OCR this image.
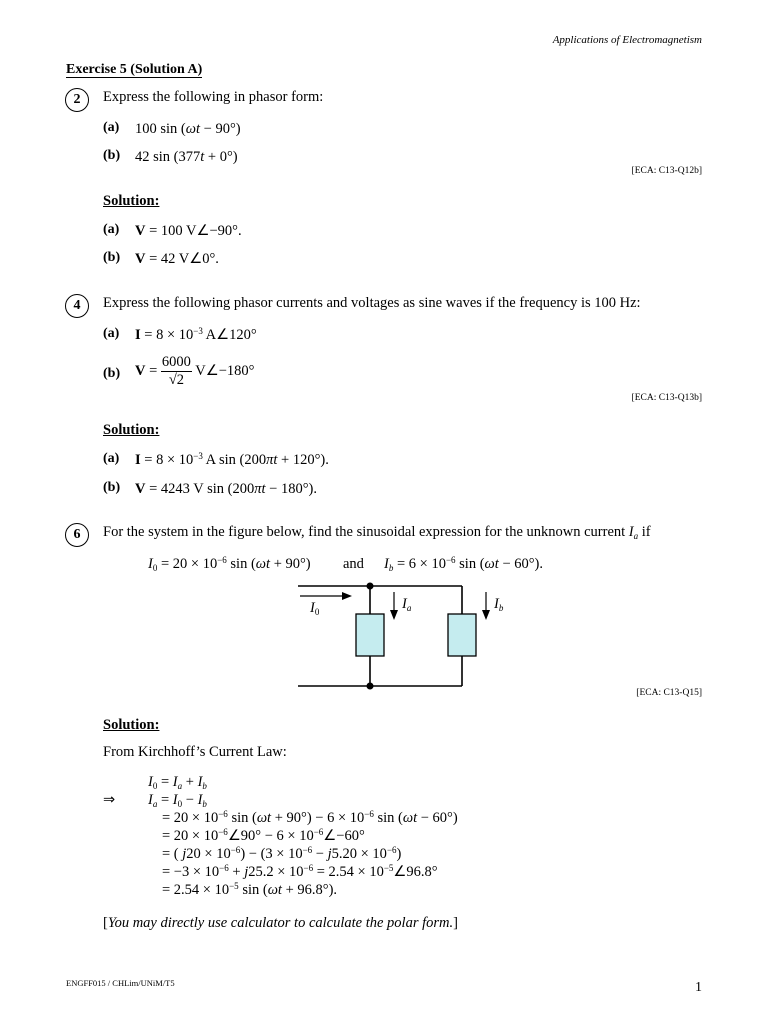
Applications of Electromagnetism
Exercise 5 (Solution A)
2	Express the following in phasor form:
(a) 100 sin (ωt − 90°)
(b) 42 sin (377t + 0°)
[ECA: C13-Q12b]
Solution:
(a) V = 100 V∠−90°.
(b) V = 42 V∠0°.
4	Express the following phasor currents and voltages as sine waves if the frequency is 100 Hz:
(a) $I = 8 \times 10^{-3}$ A∠120°
(b) $V = \frac{6000}{√2}$ V∠−180°
[ECA: C13-Q13b]
Solution:
(a) $I = 8 \times 10^{-3}$ A sin (200πt + 120°).
(b) V = 4243 V sin (200πt − 180°).
6	For the system in the figure below, find the sinusoidal expression for the unknown current $I_a$ if
$I_0 = 20 \times 10^{-6}$ sin (ωt + 90°) and $I_b = 6 \times 10^{-6}$ sin (ωt − 60°).
$I_0$	$I_a$	$I_b$
[ECA: C13-Q15]
Solution:
From Kirchhoff’s Current Law:
$I_0 = I_a + I_b$
⇒ $I_a = I_0 - I_b$
= $20 \times 10^{-6}$ $\sin (\omega t + 90^\circ) - 6 \times 10^{-6}$ sin (ωt − 60°)
= $20 \times 10^{-6}\angle 90^\circ - 6$ × $10^{-6}\angle-60^\circ$
= ( $j20 \times 10^{-6}) - (3 \times 10^{-6} - j5.20 \times 10^{-6})$
= $-3 \times 10^{-6} + j25.2 \times 10^{-6} = 2.54$ × $10^{-5}\angle 96.8^\circ$
= $2.54 \times 10^{-5}$ sin (ωt + 96.8°).
[You may directly use calculator to calculate the polar form.]
ENGFF015 / CHLim/UNiM/T5	1
